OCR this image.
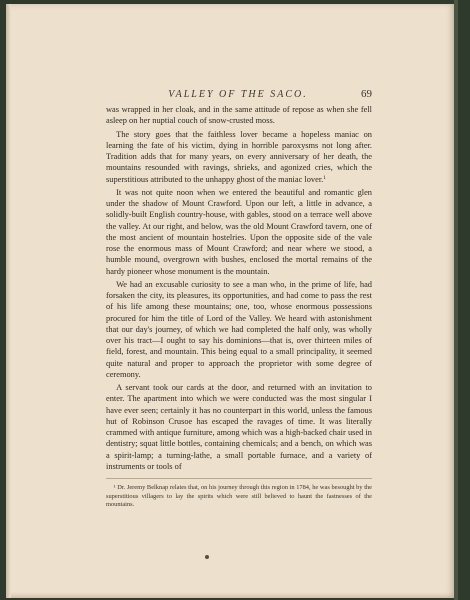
VALLEY OF THE SACO.	69

was wrapped in her cloak, and in the same attitude of repose as when she fell asleep on her nuptial couch of snow-crusted moss.

The story goes that the faithless lover became a hopeless maniac on learning the fate of his victim, dying in horrible paroxysms not long after. Tradition adds that for many years, on every anniversary of her death, the mountains resounded with ravings, shrieks, and agonized cries, which the superstitious attributed to the unhappy ghost of the maniac lover.$^1$

It was not quite noon when we entered the beautiful and romantic glen under the shadow of Mount Crawford. Upon our left, a little in advance, a solidly-built English country-house, with gables, stood on a terrace well above the valley. At our right, and below, was the old Mount Crawford tavern, one of the most ancient of mountain hostelries. Upon the opposite side of the vale rose the enormous mass of Mount Crawford; and near where we stood, a humble mound, overgrown with bushes, enclosed the mortal remains of the hardy pioneer whose monument is the mountain.

We had an excusable curiosity to see a man who, in the prime of life, had forsaken the city, its pleasures, its opportunities, and had come to pass the rest of his life among these mountains; one, too, whose enormous possessions procured for him the title of Lord of the Valley. We heard with astonishment that our day's journey, of which we had completed the half only, was wholly over his tract—I ought to say his dominions—that is, over thirteen miles of field, forest, and mountain. This being equal to a small principality, it seemed quite natural and proper to approach the proprietor with some degree of ceremony.

A servant took our cards at the door, and returned with an invitation to enter. The apartment into which we were conducted was the most singular I have ever seen; certainly it has no counterpart in this world, unless the famous hut of Robinson Crusoe has escaped the ravages of time. It was literally crammed with antique furniture, among which was a high-backed chair used in dentistry; squat little bottles, containing chemicals; and a bench, on which was a spirit-lamp; a turning-lathe, a small portable furnace, and a variety of instruments or tools of

¹ Dr. Jeremy Belknap relates that, on his journey through this region in 1784, he was besought by the superstitious villagers to lay the spirits which were still believed to haunt the fastnesses of the mountains.
